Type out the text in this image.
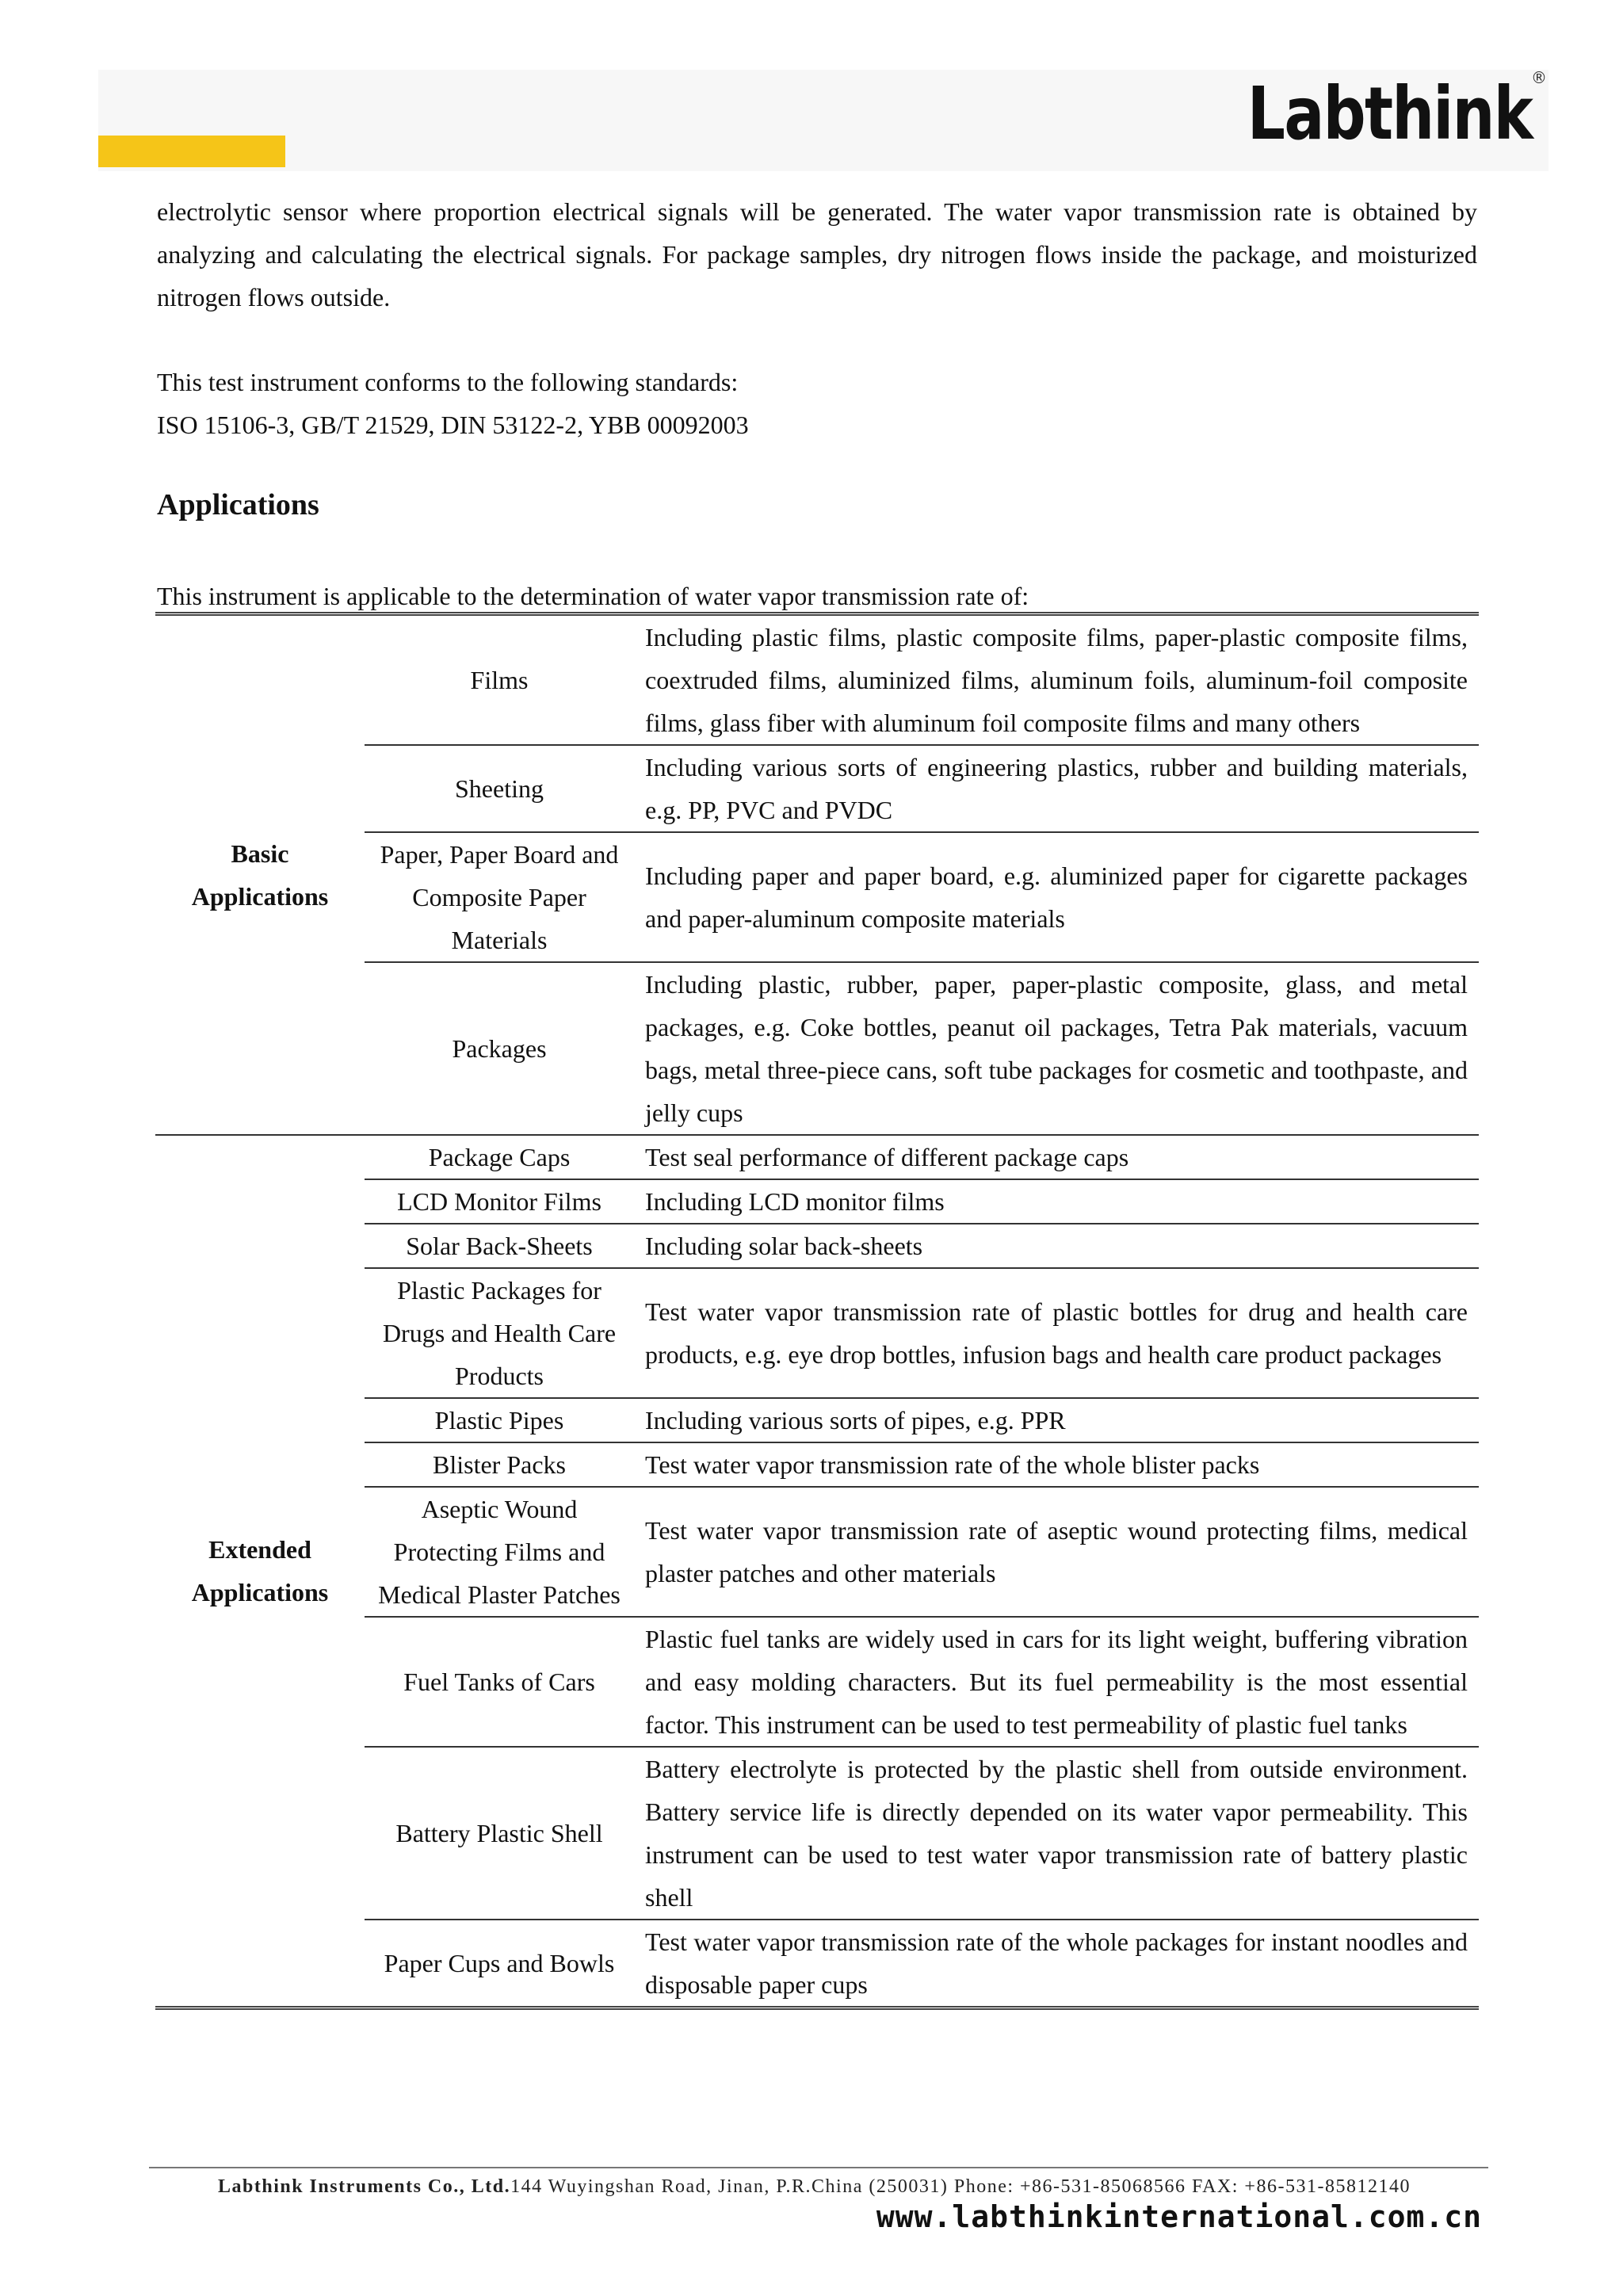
Labthink ®

electrolytic sensor where proportion electrical signals will be generated. The water vapor transmission rate is obtained by analyzing and calculating the electrical signals. For package samples, dry nitrogen flows inside the package, and moisturized nitrogen flows outside.

This test instrument conforms to the following standards:
ISO 15106-3, GB/T 21529, DIN 53122-2, YBB 00092003
Applications
This instrument is applicable to the determination of water vapor transmission rate of:
Basic
Applications	Films	Including plastic films, plastic composite films, paper-plastic composite films, coextruded films, aluminized films, aluminum foils, aluminum-foil composite films, glass fiber with aluminum foil composite films and many others
	Sheeting	Including various sorts of engineering plastics, rubber and building materials, e.g. PP, PVC and PVDC
	Paper, Paper Board and Composite Paper Materials	Including paper and paper board, e.g. aluminized paper for cigarette packages and paper-aluminum composite materials
	Packages	Including plastic, rubber, paper, paper-plastic composite, glass, and metal packages, e.g. Coke bottles, peanut oil packages, Tetra Pak materials, vacuum bags, metal three-piece cans, soft tube packages for cosmetic and toothpaste, and jelly cups
Extended
Applications	Package Caps	Test seal performance of different package caps
	LCD Monitor Films	Including LCD monitor films
	Solar Back-Sheets	Including solar back-sheets
	Plastic Packages for Drugs and Health Care Products	Test water vapor transmission rate of plastic bottles for drug and health care products, e.g. eye drop bottles, infusion bags and health care product packages
	Plastic Pipes	Including various sorts of pipes, e.g. PPR
	Blister Packs	Test water vapor transmission rate of the whole blister packs
	Aseptic Wound Protecting Films and Medical Plaster Patches	Test water vapor transmission rate of aseptic wound protecting films, medical plaster patches and other materials
	Fuel Tanks of Cars	Plastic fuel tanks are widely used in cars for its light weight, buffering vibration and easy molding characters. But its fuel permeability is the most essential factor. This instrument can be used to test permeability of plastic fuel tanks
	Battery Plastic Shell	Battery electrolyte is protected by the plastic shell from outside environment. Battery service life is directly depended on its water vapor permeability. This instrument can be used to test water vapor transmission rate of battery plastic shell
	Paper Cups and Bowls	Test water vapor transmission rate of the whole packages for instant noodles and disposable paper cups
Labthink Instruments Co., Ltd.144 Wuyingshan Road, Jinan, P.R.China (250031) Phone: +86-531-85068566 FAX: +86-531-85812140
www.labthinkinternational.com.cn
